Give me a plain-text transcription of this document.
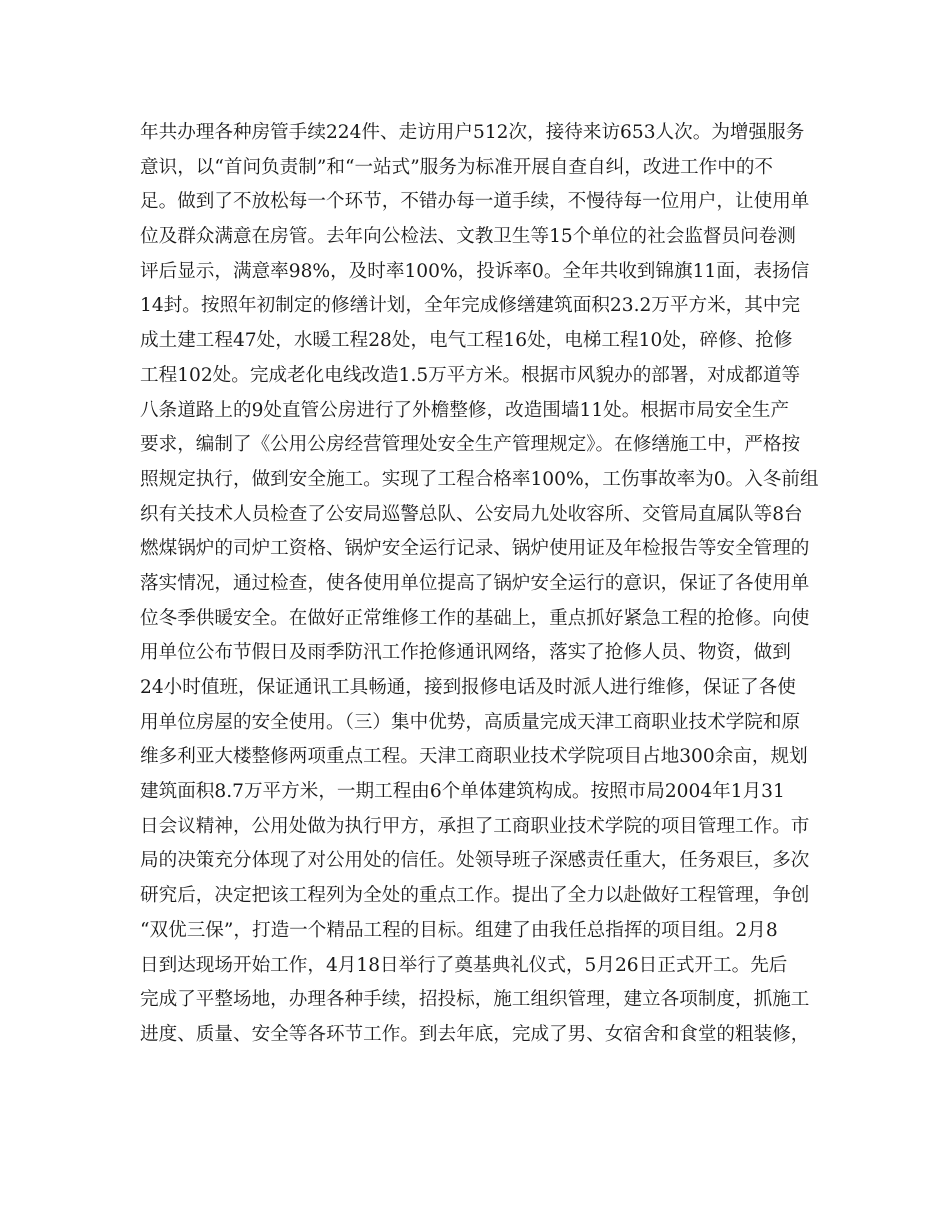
年共办理各种房管手续224件、走访用户512次，接待来访653人次。为增强服务
意识，以“首问负责制”和“一站式”服务为标准开展自查自纠，改进工作中的不
足。做到了不放松每一个环节，不错办每一道手续，不慢待每一位用户，让使用单
位及群众满意在房管。去年向公检法、文教卫生等15个单位的社会监督员问卷测
评后显示，满意率98%，及时率100%，投诉率0。全年共收到锦旗11面，表扬信
14封。按照年初制定的修缮计划，全年完成修缮建筑面积23.2万平方米，其中完
成土建工程47处，水暖工程28处，电气工程16处，电梯工程10处，碎修、抢修
工程102处。完成老化电线改造1.5万平方米。根据市风貌办的部署，对成都道等
八条道路上的9处直管公房进行了外檐整修，改造围墙11处。根据市局安全生产
要求，编制了《公用公房经营管理处安全生产管理规定》。在修缮施工中，严格按
照规定执行，做到安全施工。实现了工程合格率100%，工伤事故率为0。入冬前组
织有关技术人员检查了公安局巡警总队、公安局九处收容所、交管局直属队等8台
燃煤锅炉的司炉工资格、锅炉安全运行记录、锅炉使用证及年检报告等安全管理的
落实情况，通过检查，使各使用单位提高了锅炉安全运行的意识，保证了各使用单
位冬季供暖安全。在做好正常维修工作的基础上，重点抓好紧急工程的抢修。向使
用单位公布节假日及雨季防汛工作抢修通讯网络，落实了抢修人员、物资，做到
24小时值班，保证通讯工具畅通，接到报修电话及时派人进行维修，保证了各使
用单位房屋的安全使用。（三）集中优势，高质量完成天津工商职业技术学院和原
维多利亚大楼整修两项重点工程。天津工商职业技术学院项目占地300余亩，规划
建筑面积8.7万平方米，一期工程由6个单体建筑构成。按照市局2004年1月31
日会议精神，公用处做为执行甲方，承担了工商职业技术学院的项目管理工作。市
局的决策充分体现了对公用处的信任。处领导班子深感责任重大，任务艰巨，多次
研究后，决定把该工程列为全处的重点工作。提出了全力以赴做好工程管理，争创
“双优三保”，打造一个精品工程的目标。组建了由我任总指挥的项目组。2月8
日到达现场开始工作，4月18日举行了奠基典礼仪式，5月26日正式开工。先后
完成了平整场地，办理各种手续，招投标，施工组织管理，建立各项制度，抓施工
进度、质量、安全等各环节工作。到去年底，完成了男、女宿舍和食堂的粗装修，
